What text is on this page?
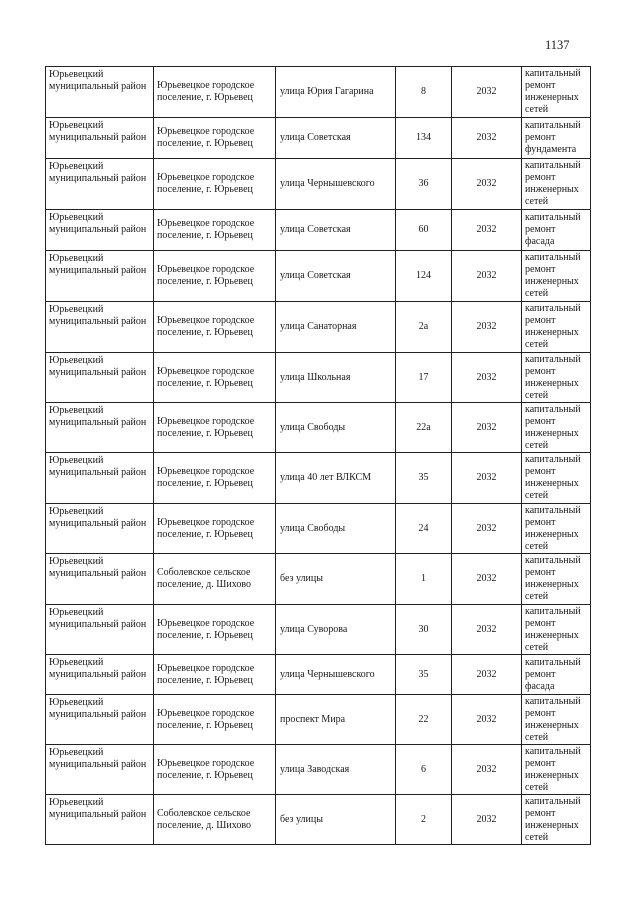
1137
Юрьевецкий муниципальный район	Юрьевецкое городское поселение, г. Юрьевец	улица Юрия Гагарина	8	2032	капитальный ремонт инженерных сетей
Юрьевецкий муниципальный район	Юрьевецкое городское поселение, г. Юрьевец	улица Советская	134	2032	капитальный ремонт фундамента
Юрьевецкий муниципальный район	Юрьевецкое городское поселение, г. Юрьевец	улица Чернышевского	36	2032	капитальный ремонт инженерных сетей
Юрьевецкий муниципальный район	Юрьевецкое городское поселение, г. Юрьевец	улица Советская	60	2032	капитальный ремонт фасада
Юрьевецкий муниципальный район	Юрьевецкое городское поселение, г. Юрьевец	улица Советская	124	2032	капитальный ремонт инженерных сетей
Юрьевецкий муниципальный район	Юрьевецкое городское поселение, г. Юрьевец	улица Санаторная	2а	2032	капитальный ремонт инженерных сетей
Юрьевецкий муниципальный район	Юрьевецкое городское поселение, г. Юрьевец	улица Школьная	17	2032	капитальный ремонт инженерных сетей
Юрьевецкий муниципальный район	Юрьевецкое городское поселение, г. Юрьевец	улица Свободы	22а	2032	капитальный ремонт инженерных сетей
Юрьевецкий муниципальный район	Юрьевецкое городское поселение, г. Юрьевец	улица 40 лет ВЛКСМ	35	2032	капитальный ремонт инженерных сетей
Юрьевецкий муниципальный район	Юрьевецкое городское поселение, г. Юрьевец	улица Свободы	24	2032	капитальный ремонт инженерных сетей
Юрьевецкий муниципальный район	Соболевское сельское поселение, д. Шихово	без улицы	1	2032	капитальный ремонт инженерных сетей
Юрьевецкий муниципальный район	Юрьевецкое городское поселение, г. Юрьевец	улица Суворова	30	2032	капитальный ремонт инженерных сетей
Юрьевецкий муниципальный район	Юрьевецкое городское поселение, г. Юрьевец	улица Чернышевского	35	2032	капитальный ремонт фасада
Юрьевецкий муниципальный район	Юрьевецкое городское поселение, г. Юрьевец	проспект Мира	22	2032	капитальный ремонт инженерных сетей
Юрьевецкий муниципальный район	Юрьевецкое городское поселение, г. Юрьевец	улица Заводская	6	2032	капитальный ремонт инженерных сетей
Юрьевецкий муниципальный район	Соболевское сельское поселение, д. Шихово	без улицы	2	2032	капитальный ремонт инженерных сетей
